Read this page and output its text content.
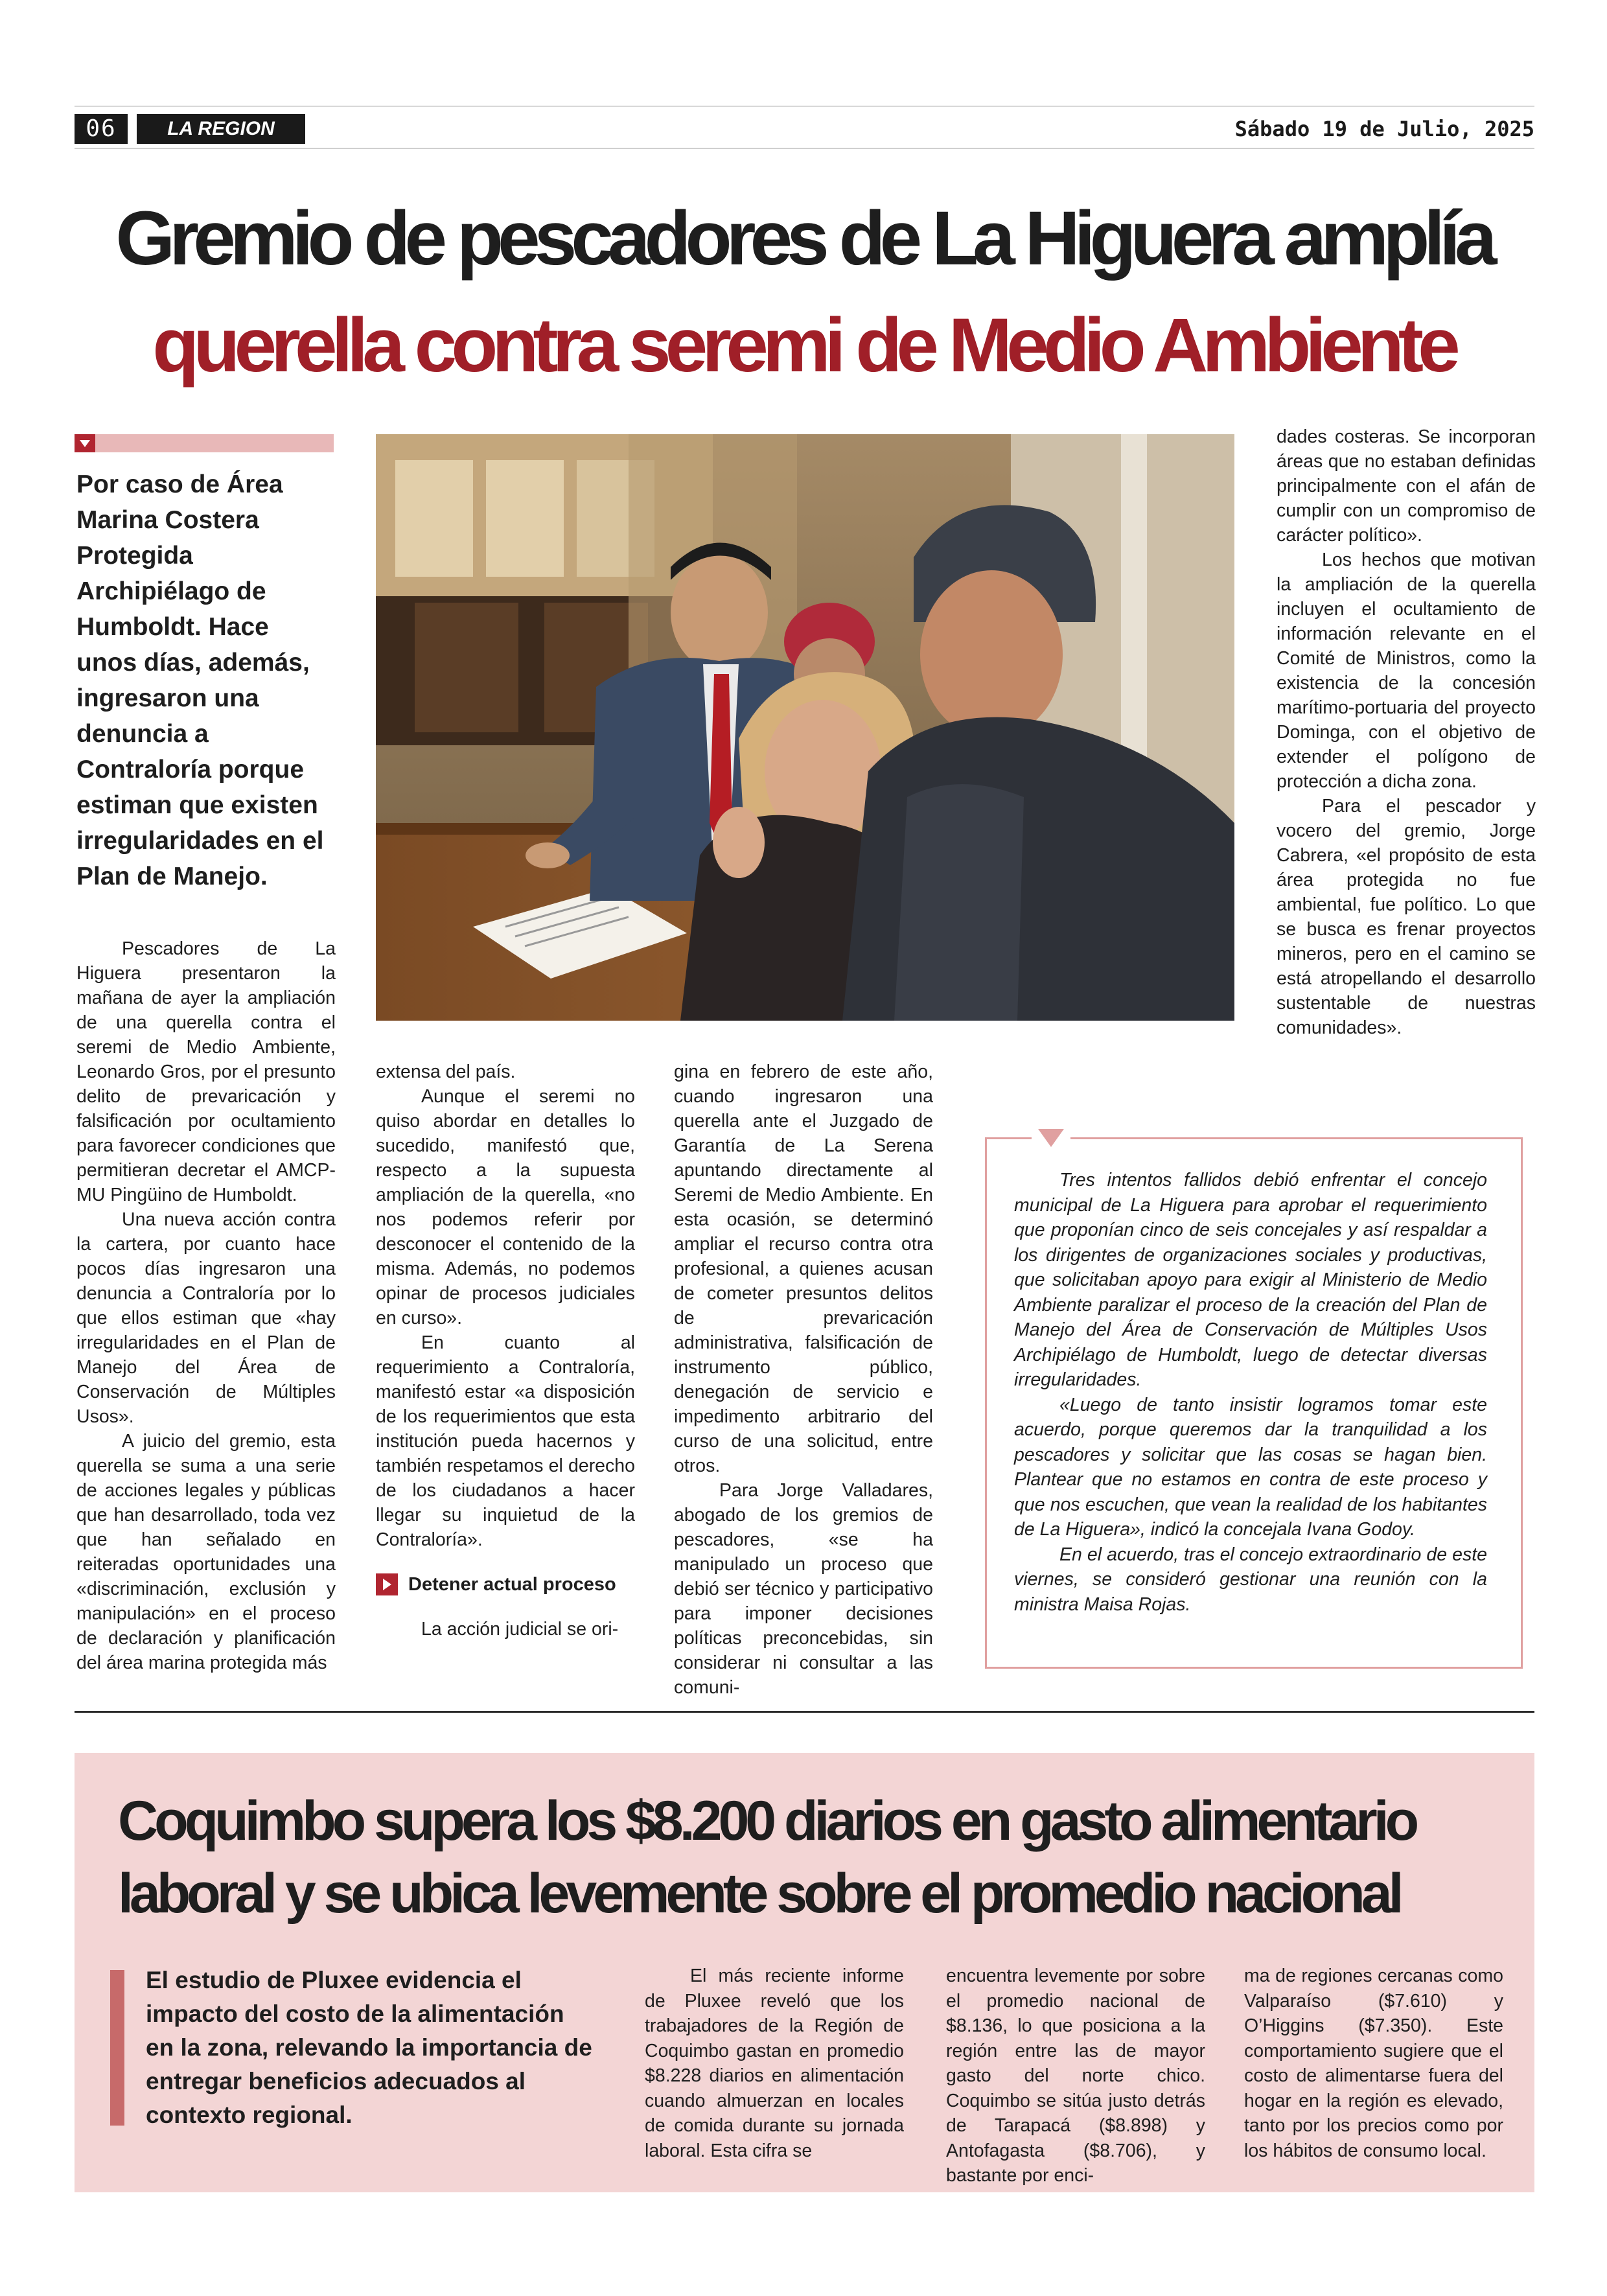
06	LA REGION	Sábado 19 de Julio, 2025
Gremio de pescadores de La Higuera amplía
querella contra seremi de Medio Ambiente
Por caso de Área Marina Costera Protegida Archipiélago de Humboldt. Hace unos días, además, ingresaron una denuncia a Contraloría porque estiman que existen irregularidades en el Plan de Manejo.

Pescadores de La Higuera presentaron la mañana de ayer la ampliación de una querella contra el seremi de Medio Ambiente, Leonardo Gros, por el presunto delito de prevaricación y falsificación por ocultamiento para favorecer condiciones que permitieran decretar el AMCP-MU Pingüino de Humboldt.

Una nueva acción contra la cartera, por cuanto hace pocos días ingresaron una denuncia a Contraloría por lo que ellos estiman que «hay irregularidades en el Plan de Manejo del Área de Conservación de Múltiples Usos».

A juicio del gremio, esta querella se suma a una serie de acciones legales y públicas que han desarrollado, toda vez que han señalado en reiteradas oportunidades una «discriminación, exclusión y manipulación» en el proceso de declaración y planificación del área marina protegida más

extensa del país.

Aunque el seremi no quiso abordar en detalles lo sucedido, manifestó que, respecto a la supuesta ampliación de la querella, «no nos podemos referir por desconocer el contenido de la misma. Además, no podemos opinar de procesos judiciales en curso».

En cuanto al requerimiento a Contraloría, manifestó estar «a disposición de los requerimientos que esta institución pueda hacernos y también respetamos el derecho de los ciudadanos a hacer llegar su inquietud de la Contraloría».

Detener actual proceso

La acción judicial se ori-

gina en febrero de este año, cuando ingresaron una querella ante el Juzgado de Garantía de La Serena apuntando directamente al Seremi de Medio Ambiente. En esta ocasión, se determinó ampliar el recurso contra otra profesional, a quienes acusan de cometer presuntos delitos de prevaricación administrativa, falsificación de instrumento público, denegación de servicio e impedimento arbitrario del curso de una solicitud, entre otros.

Para Jorge Valladares, abogado de los gremios de pescadores, «se ha manipulado un proceso que debió ser técnico y participativo para imponer decisiones políticas preconcebidas, sin considerar ni consultar a las comuni-

dades costeras. Se incorporan áreas que no estaban definidas principalmente con el afán de cumplir con un compromiso de carácter político».

Los hechos que motivan la ampliación de la querella incluyen el ocultamiento de información relevante en el Comité de Ministros, como la existencia de la concesión marítimo-portuaria del proyecto Dominga, con el objetivo de extender el polígono de protección a dicha zona.

Para el pescador y vocero del gremio, Jorge Cabrera, «el propósito de esta área protegida no fue ambiental, fue político. Lo que se busca es frenar proyectos mineros, pero en el camino se está atropellando el desarrollo sustentable de nuestras comunidades».

Tres intentos fallidos debió enfrentar el concejo municipal de La Higuera para aprobar el requerimiento que proponían cinco de seis concejales y así respaldar a los dirigentes de organizaciones sociales y productivas, que solicitaban apoyo para exigir al Ministerio de Medio Ambiente paralizar el proceso de la creación del Plan de Manejo del Área de Conservación de Múltiples Usos Archipiélago de Humboldt, luego de detectar diversas irregularidades.

«Luego de tanto insistir logramos tomar este acuerdo, porque queremos dar la tranquilidad a los pescadores y solicitar que las cosas se hagan bien. Plantear que no estamos en contra de este proceso y que nos escuchen, que vean la realidad de los habitantes de La Higuera», indicó la concejala Ivana Godoy.

En el acuerdo, tras el concejo extraordinario de este viernes, se consideró gestionar una reunión con la ministra Maisa Rojas.

Coquimbo supera los $8.200 diarios en gasto alimentario
laboral y se ubica levemente sobre el promedio nacional
El estudio de Pluxee evidencia el impacto del costo de la alimentación en la zona, relevando la importancia de entregar beneficios adecuados al contexto regional.

El más reciente informe de Pluxee reveló que los trabajadores de la Región de Coquimbo gastan en promedio $8.228 diarios en alimentación cuando almuerzan en locales de comida durante su jornada laboral. Esta cifra se

encuentra levemente por sobre el promedio nacional de $8.136, lo que posiciona a la región entre las de mayor gasto del norte chico. Coquimbo se sitúa justo detrás de Tarapacá ($8.898) y Antofagasta ($8.706), y bastante por enci-

ma de regiones cercanas como Valparaíso ($7.610) y O’Higgins ($7.350). Este comportamiento sugiere que el costo de alimentarse fuera del hogar en la región es elevado, tanto por los precios como por los hábitos de consumo local.
